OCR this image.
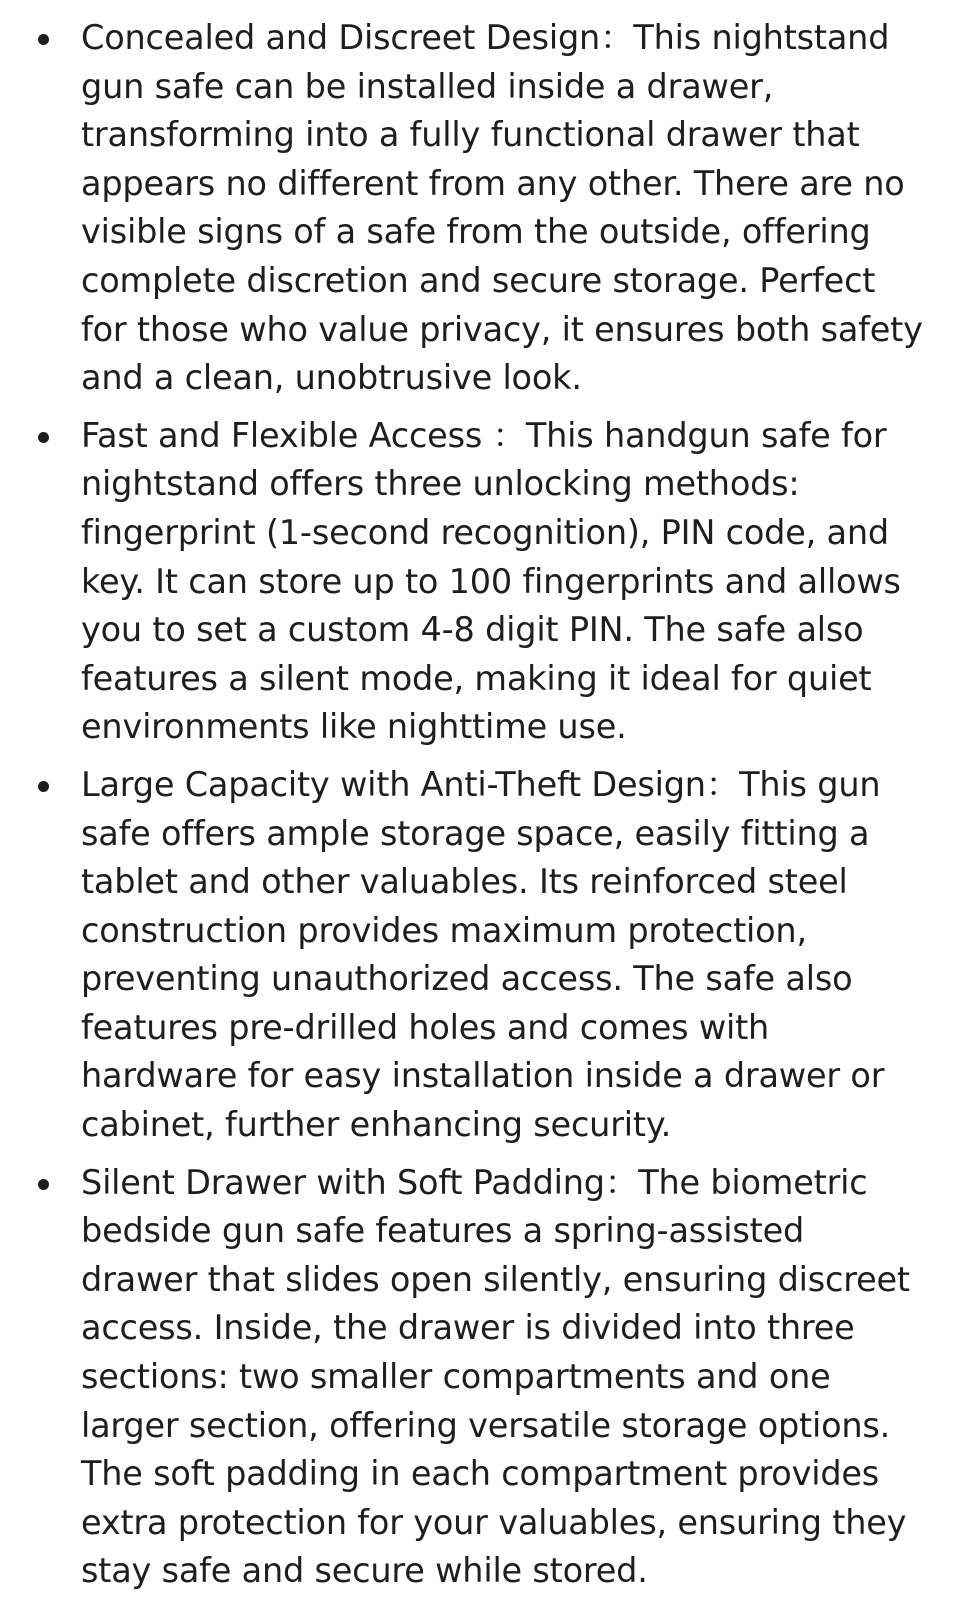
Concealed and Discreet Design：This nightstand gun safe can be installed inside a drawer, transforming into a fully functional drawer that appears no different from any other. There are no visible signs of a safe from the outside, offering complete discretion and secure storage. Perfect for those who value privacy, it ensures both safety and a clean, unobtrusive look.
Fast and Flexible Access ：This handgun safe for nightstand offers three unlocking methods: fingerprint (1-second recognition), PIN code, and key. It can store up to 100 fingerprints and allows you to set a custom 4-8 digit PIN. The safe also features a silent mode, making it ideal for quiet environments like nighttime use.
Large Capacity with Anti-Theft Design：This gun safe offers ample storage space, easily fitting a tablet and other valuables. Its reinforced steel construction provides maximum protection, preventing unauthorized access. The safe also features pre-drilled holes and comes with hardware for easy installation inside a drawer or cabinet, further enhancing security.
Silent Drawer with Soft Padding：The biometric bedside gun safe features a spring-assisted drawer that slides open silently, ensuring discreet access. Inside, the drawer is divided into three sections: two smaller compartments and one larger section, offering versatile storage options. The soft padding in each compartment provides extra protection for your valuables, ensuring they stay safe and secure while stored.
